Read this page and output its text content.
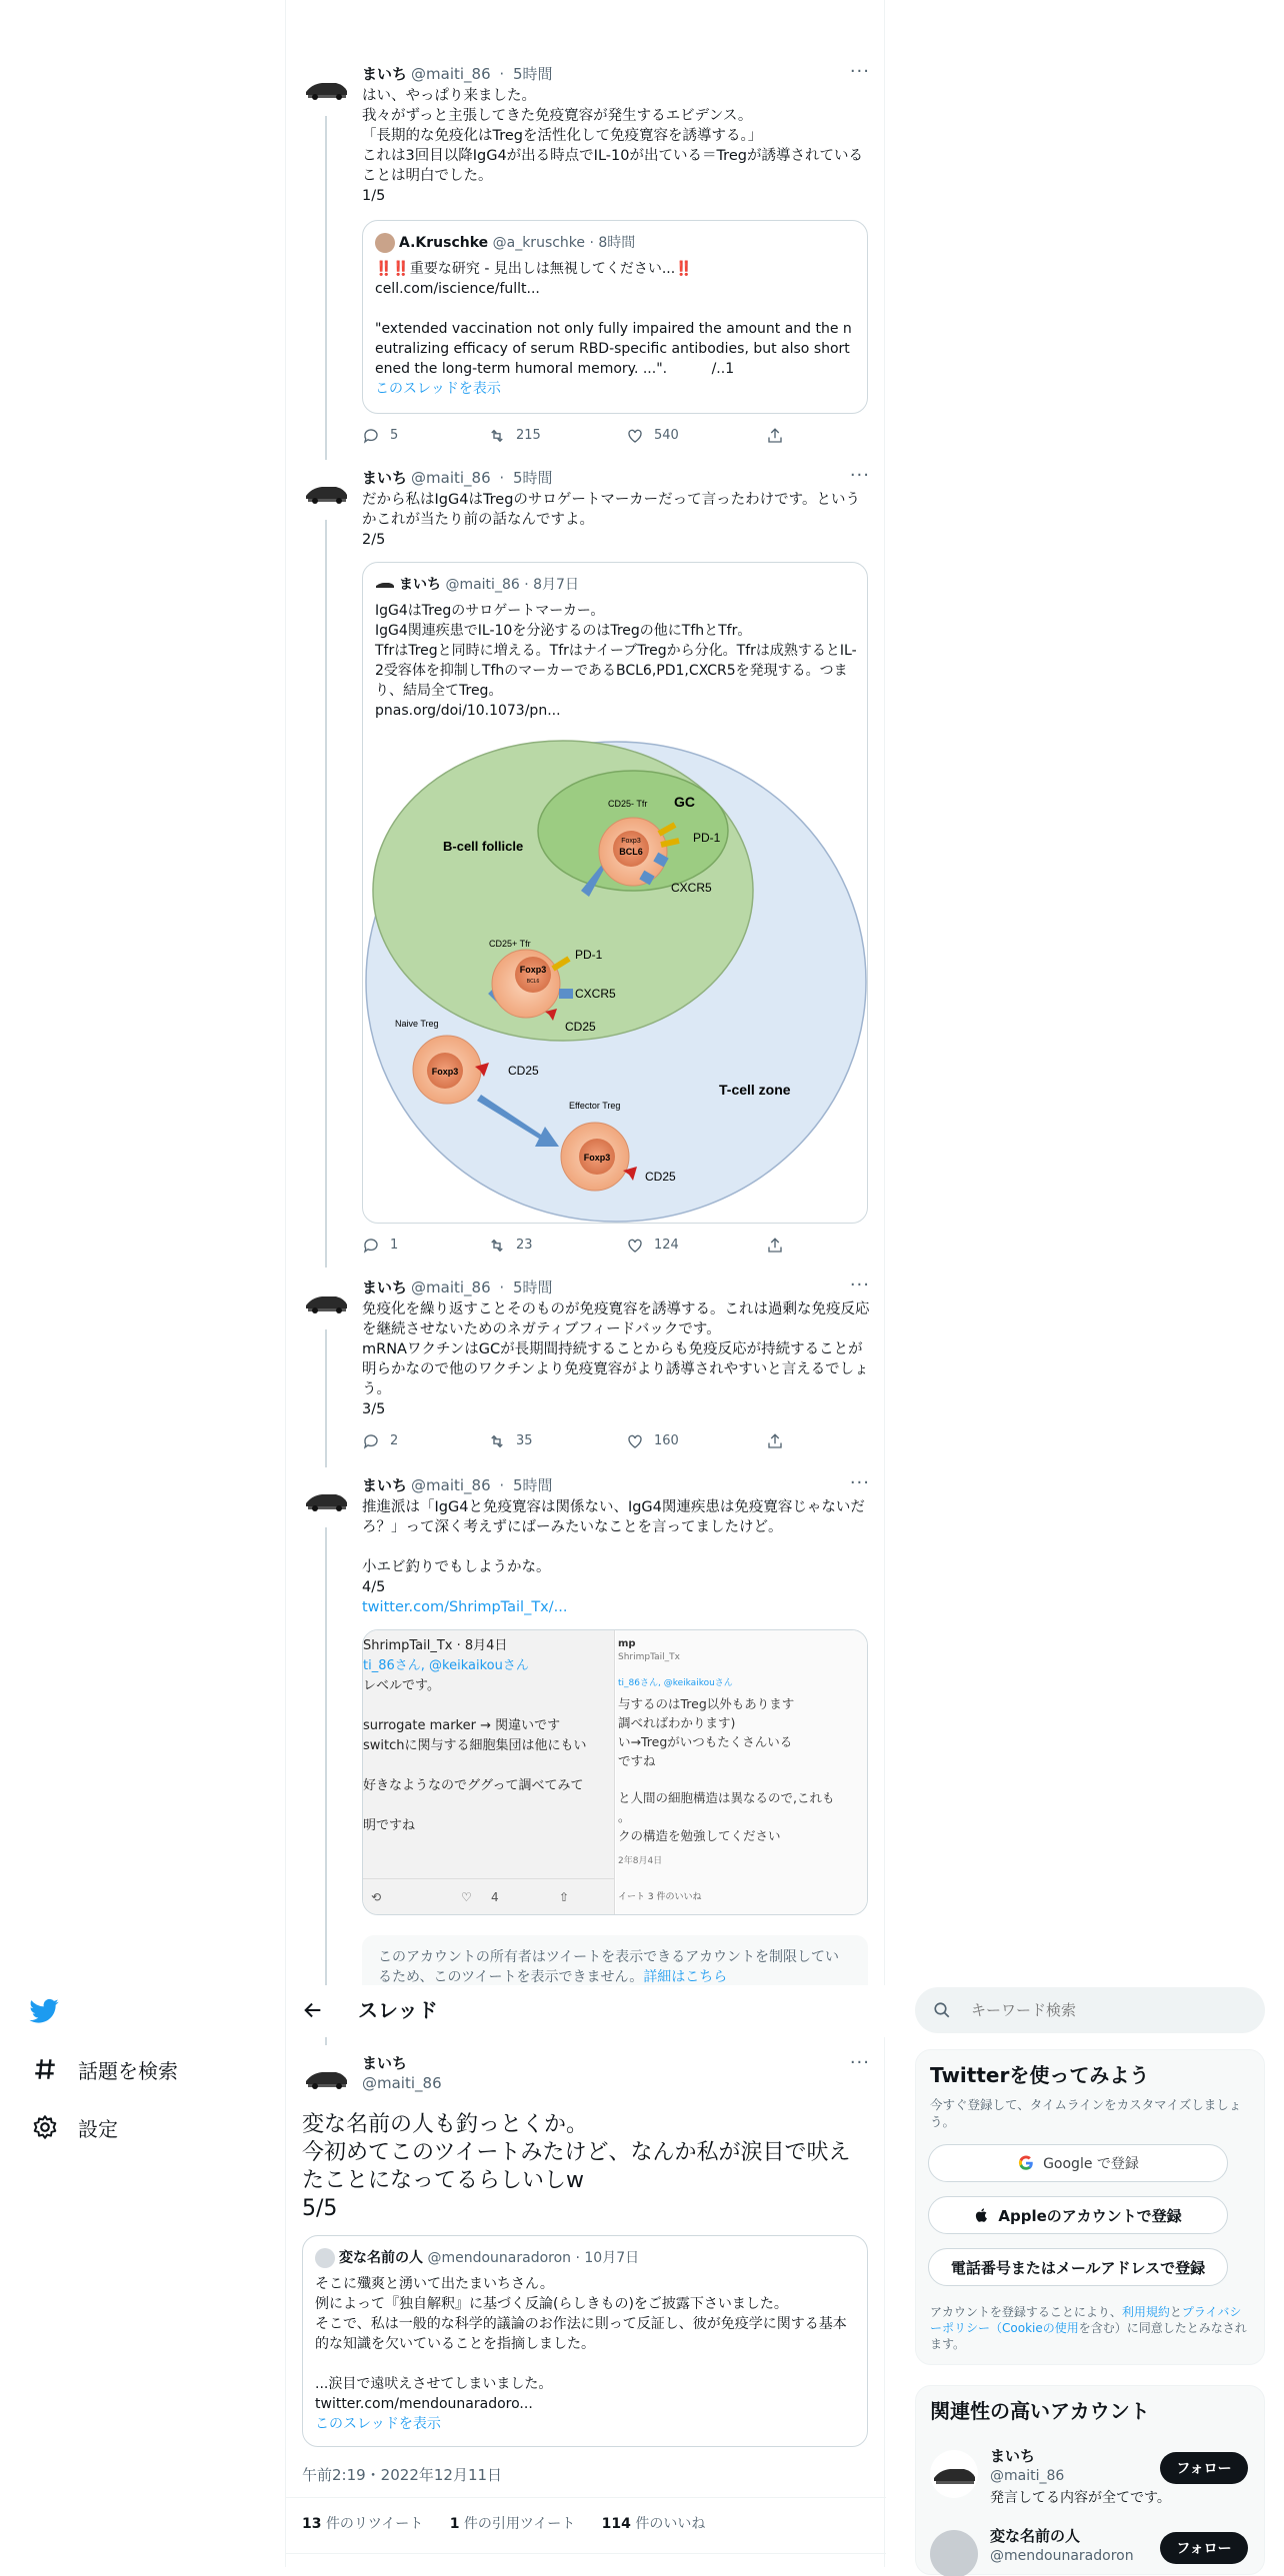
まいち @maiti_86 · 5時間	···
はい、やっぱり来ました。
我々がずっと主張してきた免疫寛容が発生するエビデンス。
「長期的な免疫化はTregを活性化して免疫寛容を誘導する。」
これは3回目以降IgG4が出る時点でIL-10が出ている＝Tregが誘導されていることは明白でした。
1/5
A.Kruschke @a_kruschke · 8時間
‼️‼️重要な研究 - 見出しは無視してください...‼️
cell.com/iscience/fullt...
"extended vaccination not only fully impaired the amount and the neutralizing efficacy of serum RBD-specific antibodies, but also shortened the long-term humoral memory. ...".          /..1
このスレッドを表示
5	215	540
まいち @maiti_86 · 5時間	···
だから私はIgG4はTregのサロゲートマーカーだって言ったわけです。というかこれが当たり前の話なんですよ。
2/5
まいち @maiti_86 · 8月7日
IgG4はTregのサロゲートマーカー。
IgG4関連疾患でIL-10を分泌するのはTregの他にTfhとTfr。
TfrはTregと同時に増える。TfrはナイーブTregから分化。Tfrは成熟するとIL-2受容体を抑制しTfhのマーカーであるBCL6,PD1,CXCR5を発現する。つまり、結局全てTreg。
pnas.org/doi/10.1073/pn...
Foxp3
BCL6
CD25- Tfr GC
PD-1
CXCR5
B-cell follicle
Foxp3
BCL6
CD25+ Tfr
PD-1
CXCR5
CD25
Foxp3
Naive Treg
CD25
Foxp3
Effector Treg
CD25
T-cell zone
1	23	124
まいち @maiti_86 · 5時間	···
免疫化を繰り返すことそのものが免疫寛容を誘導する。これは過剰な免疫反応を継続させないためのネガティブフィードバックです。
mRNAワクチンはGCが長期間持続することからも免疫反応が持続することが明らかなので他のワクチンより免疫寛容がより誘導されやすいと言えるでしょう。
3/5
2	35	160
まいち @maiti_86 · 5時間	···
推進派は「IgG4と免疫寛容は関係ない、IgG4関連疾患は免疫寛容じゃないだろ？」って深く考えずにばーみたいなことを言ってましたけど。

小エビ釣りでもしようかな。
4/5
twitter.com/ShrimpTail_Tx/...
ShrimpTail_Tx · 8月4日
ti_86さん, @keikaikouさん
レベルです。
surrogate marker → 関違いです
switchに関与する細胞集団は他にもい
好きなようなのでググって調べてみて
明ですね
⟲	♡ 4	⇧
mp
ShrimpTail_Tx
ti_86さん, @keikaikouさん
与するのはTreg以外もあります
調べればわかります)
い→Tregがいつもたくさんいる
ですね
と人間の細胞構造は異なるので,これも
。
クの構造を勉強してください
2年8月4日
イート 3 件のいいね
このアカウントの所有者はツイートを表示できるアカウントを制限しているため、このツイートを表示できません。詳細はこちら
スレッド
まいち
@maiti_86
···
変な名前の人も釣っとくか。
今初めてこのツイートみたけど、なんか私が涙目で吠えたことになってるらしいしw
5/5
変な名前の人 @mendounaradoron · 10月7日
そこに殲爽と湧いて出たまいちさん。
例によって『独自解釈』に基づく反論(らしきもの)をご披露下さいました。
そこで、私は一般的な科学的議論のお作法に則って反証し、彼が免疫学に関する基本的な知識を欠いていることを指摘しました。

...涙目で遠吠えさせてしまいました。
twitter.com/mendounaradoro...
このスレッドを表示
午前2:19・2022年12月11日
13 件のリツイート 1 件の引用ツイート 114 件のいいね
話題を検索
設定
キーワード検索
Twitterを使ってみよう
今すぐ登録して、タイムラインをカスタマイズしましょう。
Google で登録
Appleのアカウントで登録
電話番号またはメールアドレスで登録
アカウントを登録することにより、利用規約とプライバシーポリシー（Cookieの使用を含む）に同意したとみなされます。
関連性の高いアカウント
まいち
@maiti_86
発言してる内容が全てです。
フォロー
変な名前の人
@mendounaradoron	フォロー
